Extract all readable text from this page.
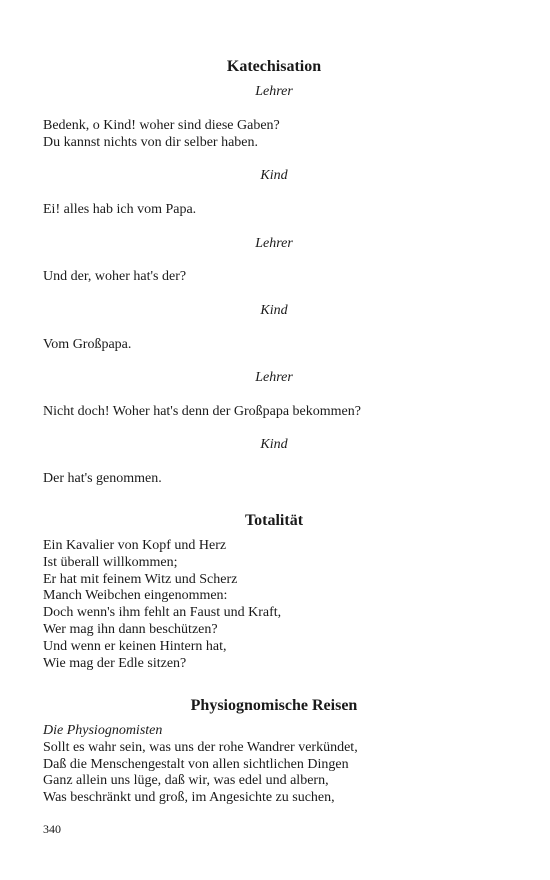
Katechisation
Lehrer
Bedenk, o Kind! woher sind diese Gaben?
Du kannst nichts von dir selber haben.
Kind
Ei! alles hab ich vom Papa.
Lehrer
Und der, woher hat's der?
Kind
Vom Großpapa.
Lehrer
Nicht doch! Woher hat's denn der Großpapa bekommen?
Kind
Der hat's genommen.
Totalität
Ein Kavalier von Kopf und Herz
Ist überall willkommen;
Er hat mit feinem Witz und Scherz
Manch Weibchen eingenommen:
Doch wenn's ihm fehlt an Faust und Kraft,
Wer mag ihn dann beschützen?
Und wenn er keinen Hintern hat,
Wie mag der Edle sitzen?
Physiognomische Reisen
Die Physiognomisten
Sollt es wahr sein, was uns der rohe Wandrer verkündet,
Daß die Menschengestalt von allen sichtlichen Dingen
Ganz allein uns lüge, daß wir, was edel und albern,
Was beschränkt und groß, im Angesichte zu suchen,
340
